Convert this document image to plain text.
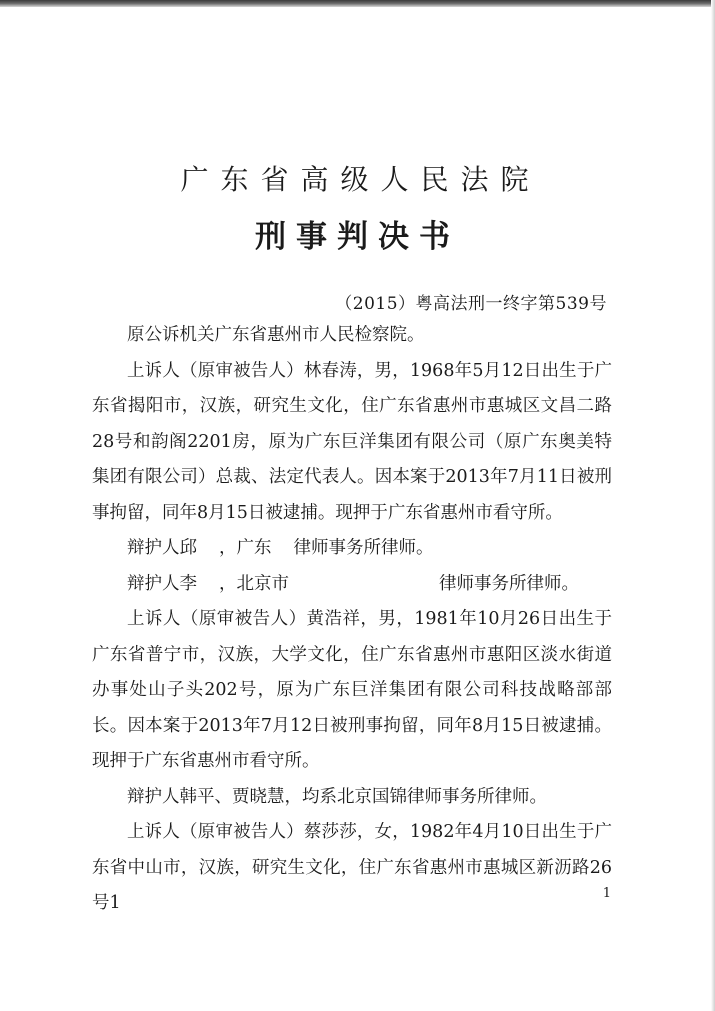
广东省高级人民法院
刑事判决书
（2015）粤高法刑一终字第539号

原公诉机关广东省惠州市人民检察院。

上诉人（原审被告人）林春涛，男，1968年5月12日出生于广东省揭阳市，汉族，研究生文化，住广东省惠州市惠城区文昌二路28号和韵阁2201房，原为广东巨洋集团有限公司（原广东奥美特集团有限公司）总裁、法定代表人。因本案于2013年7月11日被刑事拘留，同年8月15日被逮捕。现押于广东省惠州市看守所。

辩护人邱 ，广东 律师事务所律师。

辩护人李 ，北京市	律师事务所律师。

上诉人（原审被告人）黄浩祥，男，1981年10月26日出生于广东省普宁市，汉族，大学文化，住广东省惠州市惠阳区淡水街道办事处山子头202号，原为广东巨洋集团有限公司科技战略部部长。因本案于2013年7月12日被刑事拘留，同年8月15日被逮捕。现押于广东省惠州市看守所。

辩护人韩平、贾晓慧，均系北京国锦律师事务所律师。

上诉人（原审被告人）蔡莎莎，女，1982年4月10日出生于广东省中山市，汉族，研究生文化，住广东省惠州市惠城区新沥路26号1	1
